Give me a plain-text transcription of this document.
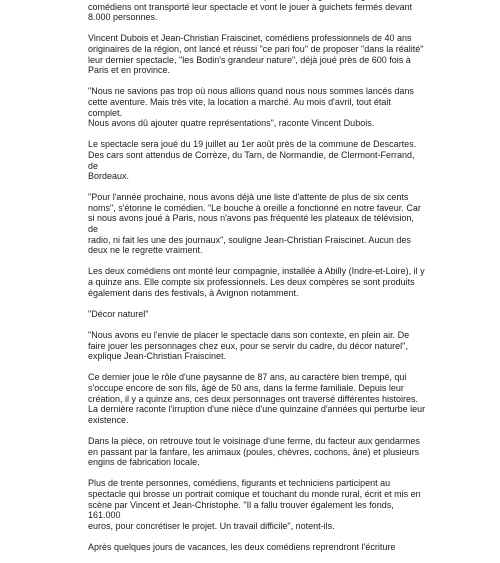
comédiens ont transporté leur spectacle et vont le jouer à guichets fermés devant
8.000 personnes.

Vincent Dubois et Jean-Christian Fraiscinet, comédiens professionnels de 40 ans
originaires de la région, ont lancé et réussi "ce pari fou" de proposer "dans la réalité"
leur dernier spectacle, "les Bodin's grandeur nature", déjà joué près de 600 fois à
Paris et en province.

"Nous ne savions pas trop où nous allions quand nous nous sommes lancés dans
cette aventure. Mais très vite, la location a marché. Au mois d'avril, tout était complet.
Nous avons dû ajouter quatre représentations", raconte Vincent Dubois.

Le spectacle sera joué du 19 juillet au 1er août près de la commune de Descartes.
Des cars sont attendus de Corrèze, du Tarn, de Normandie, de Clermont-Ferrand, de
Bordeaux.

"Pour l'année prochaine, nous avons déjà une liste d'attente de plus de six cents
noms", s'étonne le comédien. "Le bouche à oreille a fonctionné en notre faveur. Car
si nous avons joué à Paris, nous n'avons pas fréquenté les plateaux de télévision, de
radio, ni fait les une des journaux", souligne Jean-Christian Fraiscinet. Aucun des
deux ne le regrette vraiment.

Les deux comédiens ont monté leur compagnie, installée à Abilly (Indre-et-Loire), il y
a quinze ans. Elle compte six professionnels. Les deux compères se sont produits
également dans des festivals, à Avignon notamment.

"Décor naturel"

"Nous avons eu l'envie de placer le spectacle dans son contexte, en plein air. De
faire jouer les personnages chez eux, pour se servir du cadre, du décor naturel",
explique Jean-Christian Fraiscinet.

Ce dernier joue le rôle d'une paysanne de 87 ans, au caractère bien trempé, qui
s'occupe encore de son fils, âgé de 50 ans, dans la ferme familiale. Depuis leur
création, il y a quinze ans, ces deux personnages ont traversé différentes histoires.
La dernière raconte l'irruption d'une nièce d'une quinzaine d'années qui perturbe leur
existence.

Dans la pièce, on retrouve tout le voisinage d'une ferme, du facteur aux gendarmes
en passant par la fanfare, les animaux (poules, chèvres, cochons, âne) et plusieurs
engins de fabrication locale.

Plus de trente personnes, comédiens, figurants et techniciens participent au
spectacle qui brosse un portrait comique et touchant du monde rural, écrit et mis en
scène par Vincent et Jean-Christophe. "Il a fallu trouver également les fonds, 161.000
euros, pour concrétiser le projet. Un travail difficile", notent-ils.

Après quelques jours de vacances, les deux comédiens reprendront l'écriture
